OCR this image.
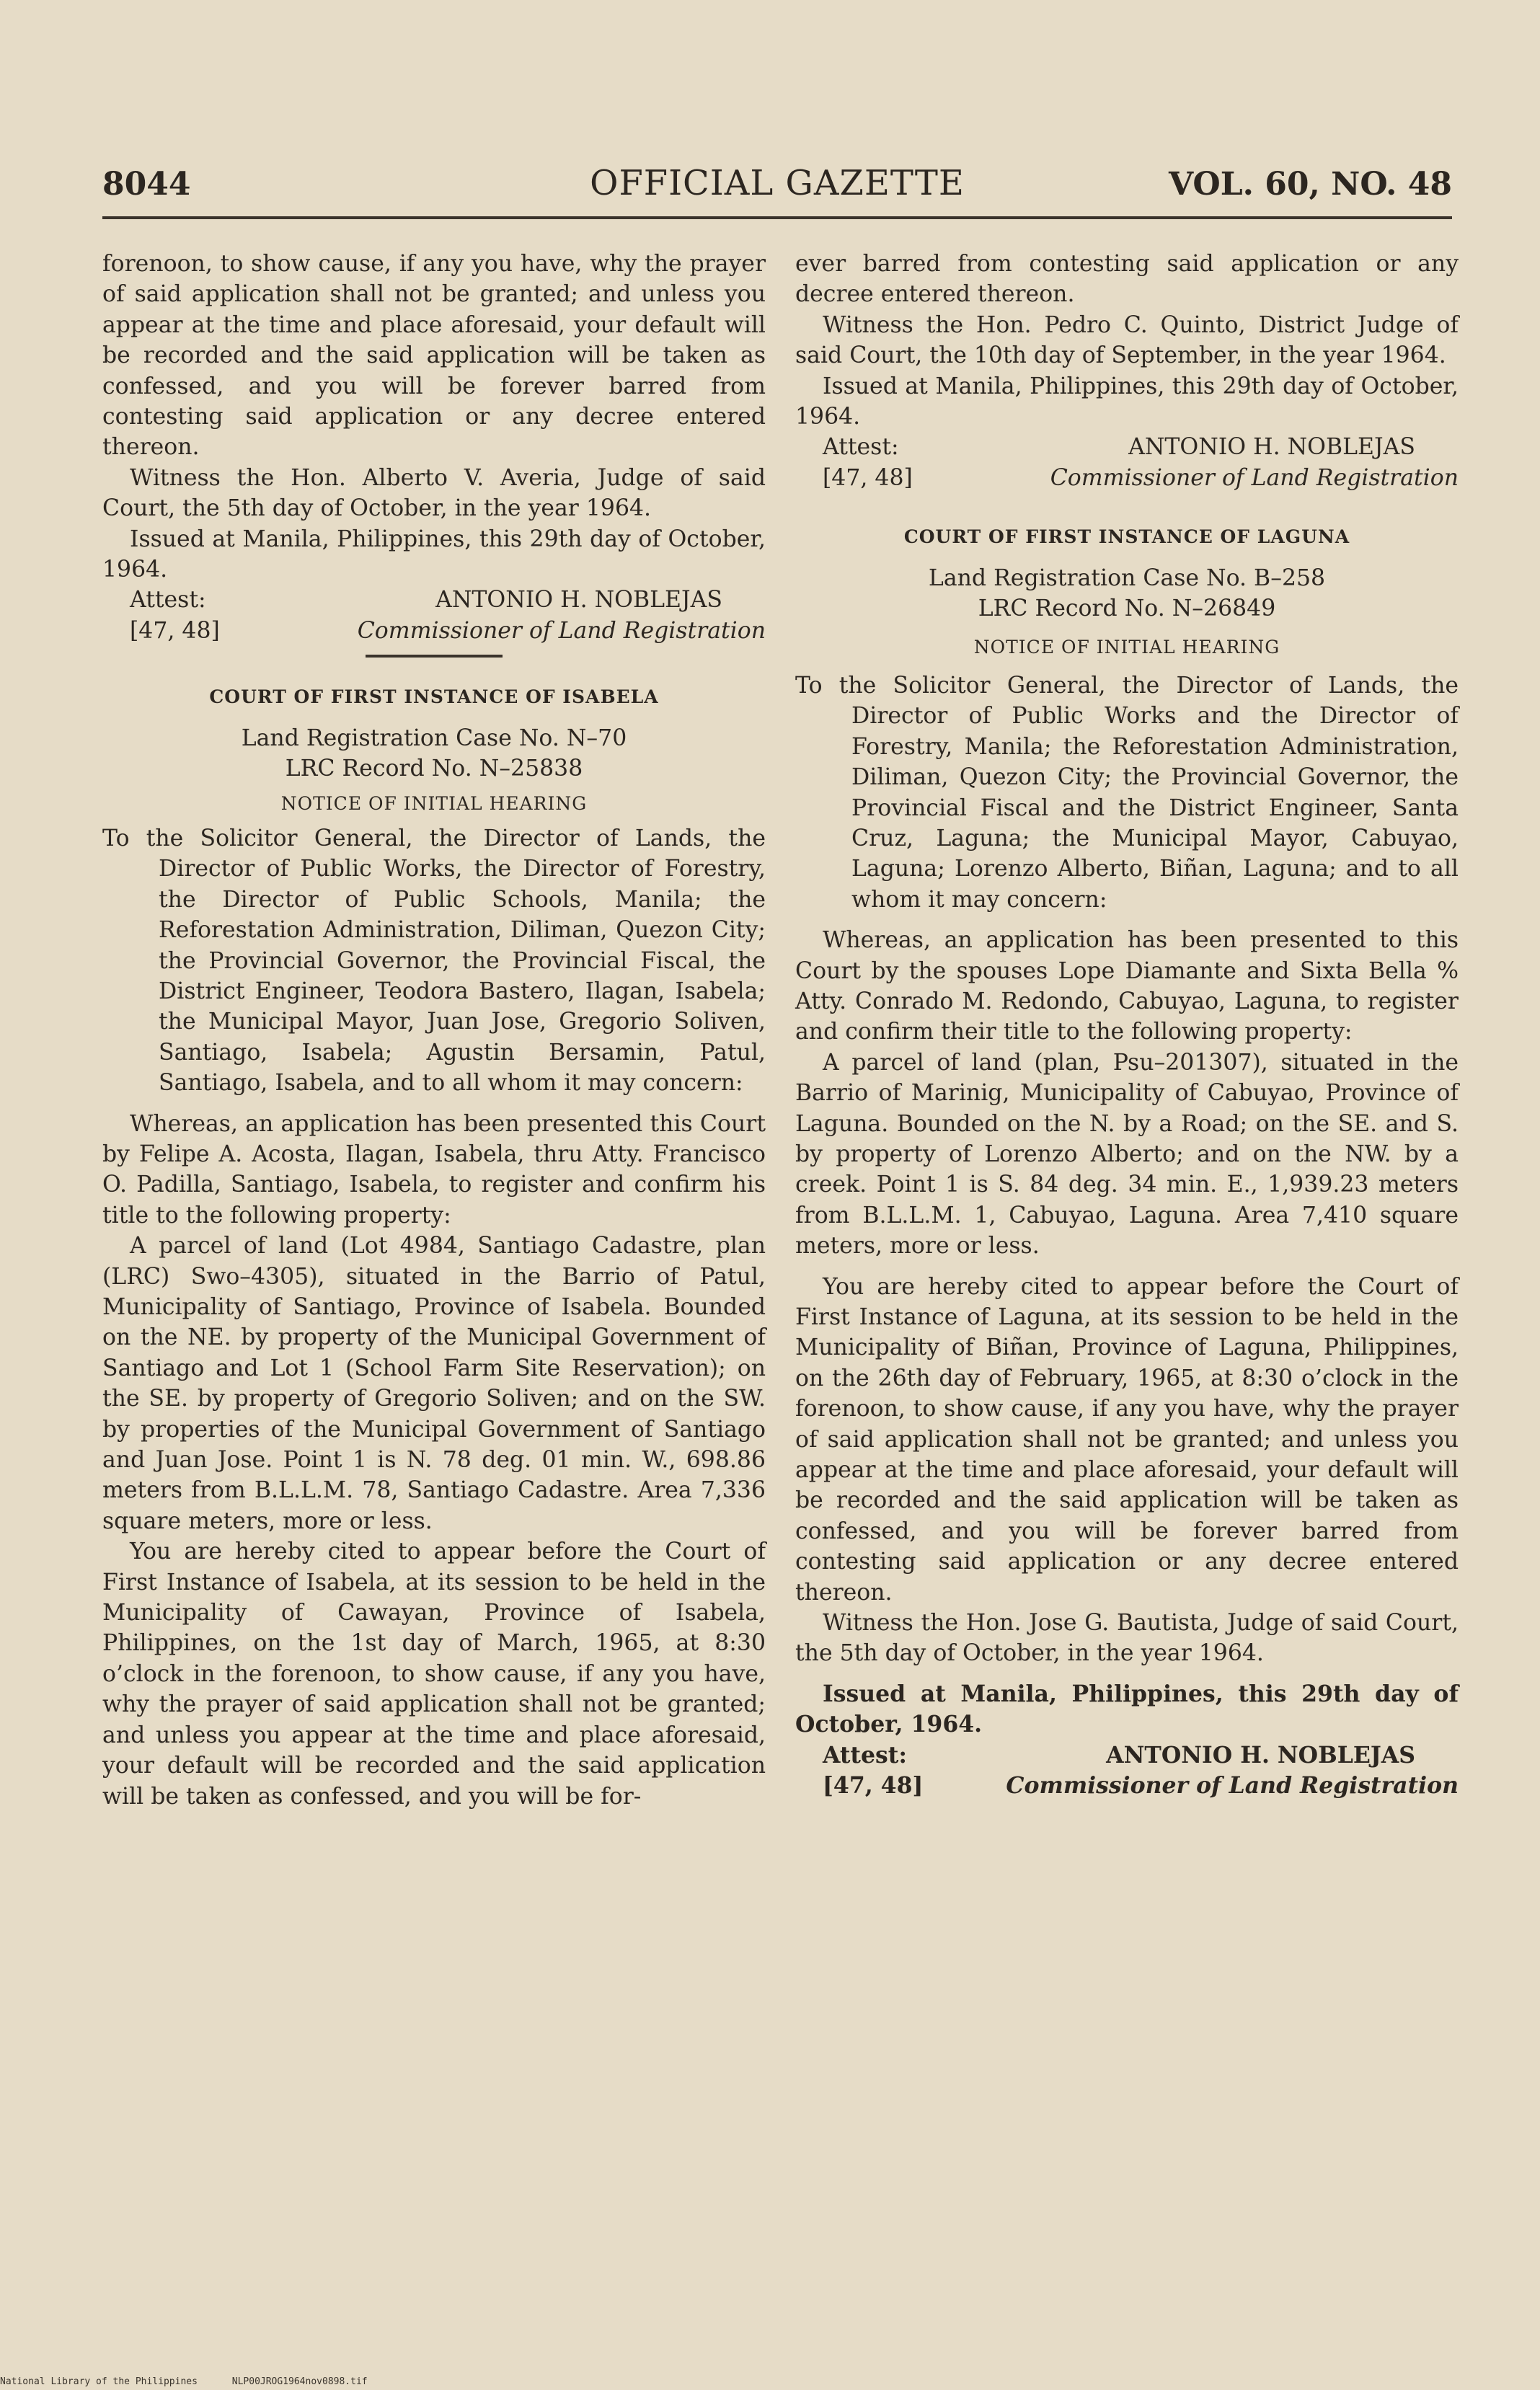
8044	OFFICIAL GAZETTE	VOL. 60, NO. 48

forenoon, to show cause, if any you have, why the prayer of said application shall not be granted; and unless you appear at the time and place aforesaid, your default will be recorded and the said application will be taken as confessed, and you will be forever barred from contesting said application or any decree entered thereon.

Witness the Hon. Alberto V. Averia, Judge of said Court, the 5th day of October, in the year 1964.

Issued at Manila, Philippines, this 29th day of October, 1964.

Attest:	ANTONIO H. NOBLEJAS
[47, 48]	Commissioner of Land Registration

COURT OF FIRST INSTANCE OF ISABELA

Land Registration Case No. N–70

LRC Record No. N–25838

NOTICE OF INITIAL HEARING

To the Solicitor General, the Director of Lands, the Director of Public Works, the Director of Forestry, the Director of Public Schools, Manila; the Reforestation Administration, Diliman, Quezon City; the Provincial Governor, the Provincial Fiscal, the District Engineer, Teodora Bastero, Ilagan, Isabela; the Municipal Mayor, Juan Jose, Gregorio Soliven, Santiago, Isabela; Agustin Bersamin, Patul, Santiago, Isabela, and to all whom it may concern:

Whereas, an application has been presented this Court by Felipe A. Acosta, Ilagan, Isabela, thru Atty. Francisco O. Padilla, Santiago, Isabela, to register and confirm his title to the following property:

A parcel of land (Lot 4984, Santiago Cadastre, plan (LRC) Swo–4305), situated in the Barrio of Patul, Municipality of Santiago, Province of Isabela. Bounded on the NE. by property of the Municipal Government of Santiago and Lot 1 (School Farm Site Reservation); on the SE. by property of Gregorio Soliven; and on the SW. by properties of the Municipal Government of Santiago and Juan Jose. Point 1 is N. 78 deg. 01 min. W., 698.86 meters from B.L.L.M. 78, Santiago Cadastre. Area 7,336 square meters, more or less.

You are hereby cited to appear before the Court of First Instance of Isabela, at its session to be held in the Municipality of Cawayan, Province of Isabela, Philippines, on the 1st day of March, 1965, at 8:30 o’clock in the forenoon, to show cause, if any you have, why the prayer of said application shall not be granted; and unless you appear at the time and place aforesaid, your default will be recorded and the said application will be taken as confessed, and you will be for-

ever barred from contesting said application or any decree entered thereon.

Witness the Hon. Pedro C. Quinto, District Judge of said Court, the 10th day of September, in the year 1964.

Issued at Manila, Philippines, this 29th day of October, 1964.

Attest:	ANTONIO H. NOBLEJAS
[47, 48]	Commissioner of Land Registration

COURT OF FIRST INSTANCE OF LAGUNA

Land Registration Case No. B–258

LRC Record No. N–26849

NOTICE OF INITIAL HEARING

To the Solicitor General, the Director of Lands, the Director of Public Works and the Director of Forestry, Manila; the Reforestation Administration, Diliman, Quezon City; the Provincial Governor, the Provincial Fiscal and the District Engineer, Santa Cruz, Laguna; the Municipal Mayor, Cabuyao, Laguna; Lorenzo Alberto, Biñan, Laguna; and to all whom it may concern:

Whereas, an application has been presented to this Court by the spouses Lope Diamante and Sixta Bella % Atty. Conrado M. Redondo, Cabuyao, Laguna, to register and confirm their title to the following property:

A parcel of land (plan, Psu–201307), situated in the Barrio of Marinig, Municipality of Cabuyao, Province of Laguna. Bounded on the N. by a Road; on the SE. and S. by property of Lorenzo Alberto; and on the NW. by a creek. Point 1 is S. 84 deg. 34 min. E., 1,939.23 meters from B.L.L.M. 1, Cabuyao, Laguna. Area 7,410 square meters, more or less.

You are hereby cited to appear before the Court of First Instance of Laguna, at its session to be held in the Municipality of Biñan, Province of Laguna, Philippines, on the 26th day of February, 1965, at 8:30 o’clock in the forenoon, to show cause, if any you have, why the prayer of said application shall not be granted; and unless you appear at the time and place aforesaid, your default will be recorded and the said application will be taken as confessed, and you will be forever barred from contesting said application or any decree entered thereon.

Witness the Hon. Jose G. Bautista, Judge of said Court, the 5th day of October, in the year 1964.

Issued at Manila, Philippines, this 29th day of October, 1964.

Attest:	ANTONIO H. NOBLEJAS
[47, 48]	Commissioner of Land Registration
National Library of the Philippines	NLP00JROG1964nov0898.tif
